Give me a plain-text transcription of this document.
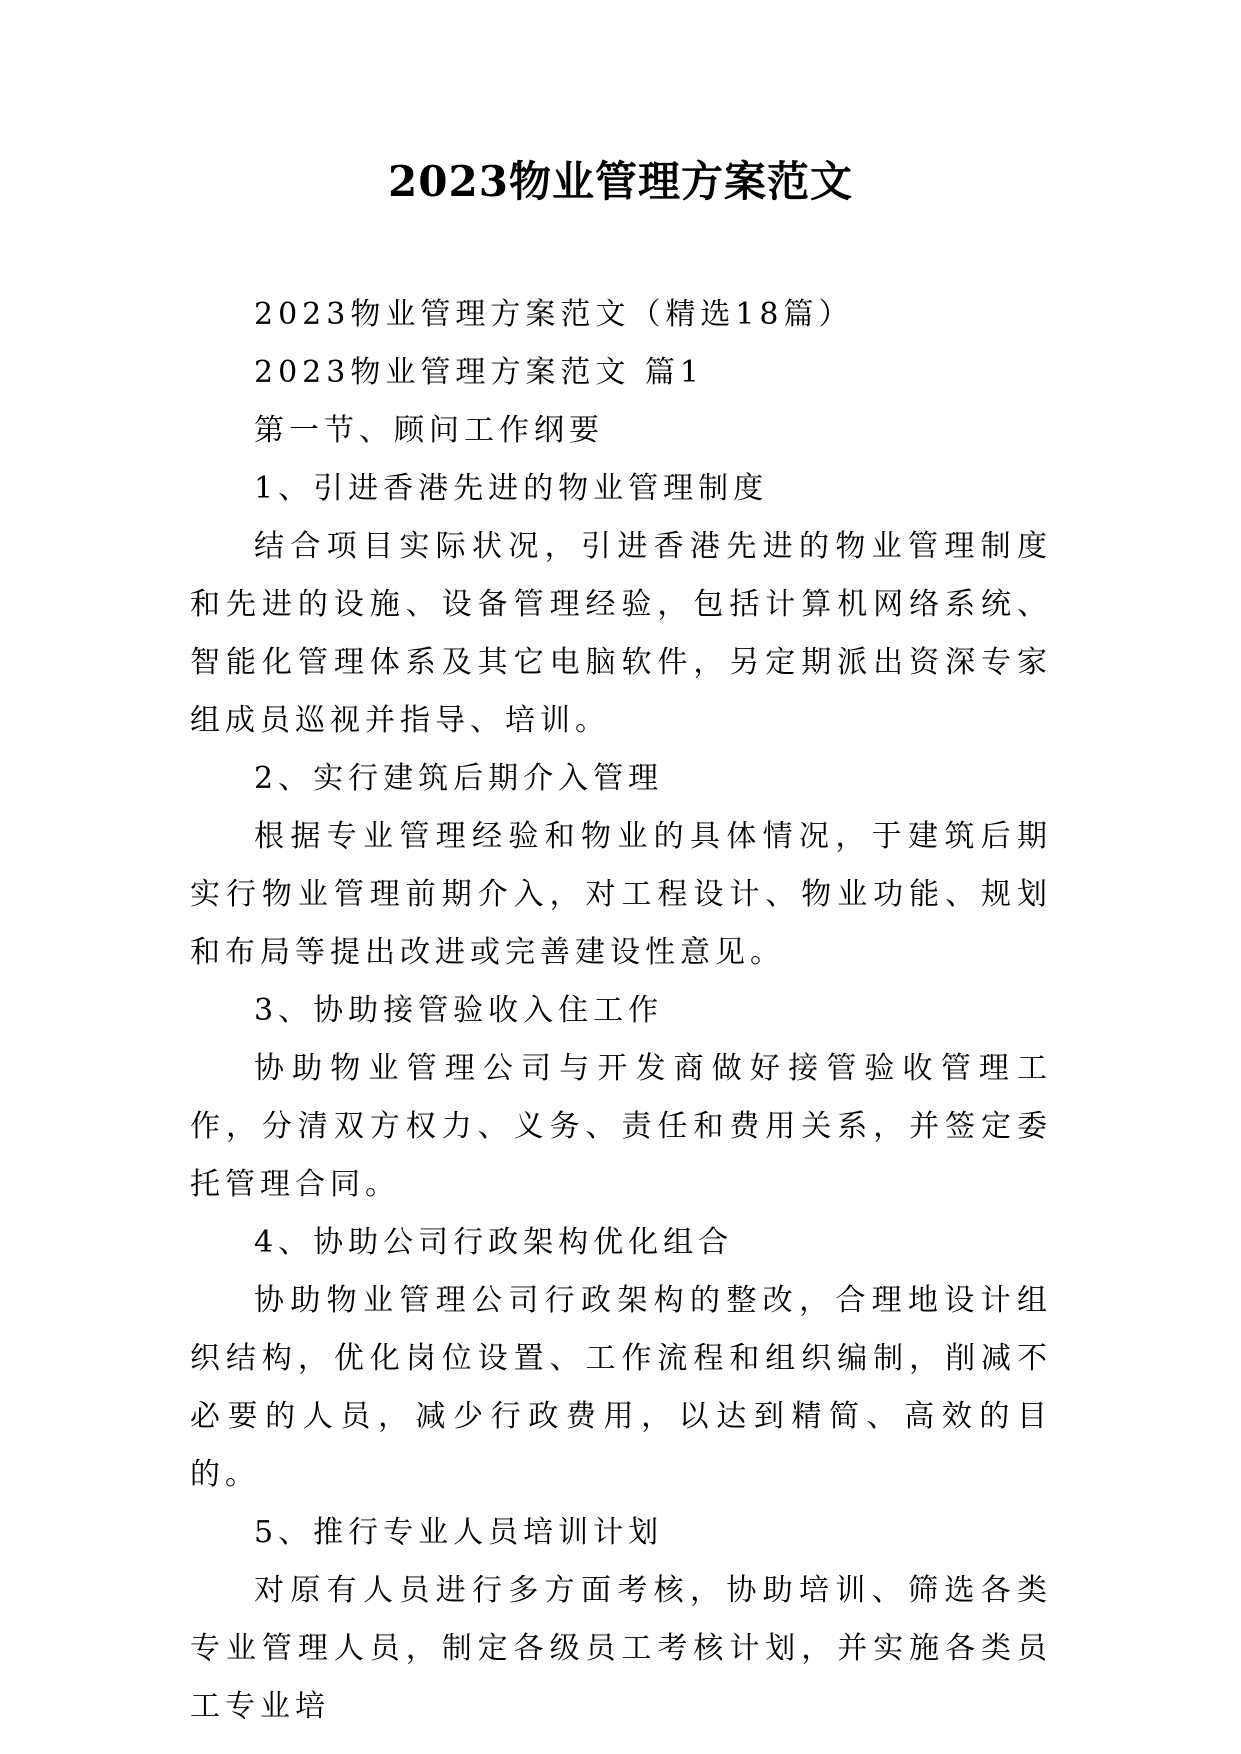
2023物业管理方案范文

2023物业管理方案范文（精选18篇）

2023物业管理方案范文 篇1

第一节、顾问工作纲要

1、引进香港先进的物业管理制度

结合项目实际状况，引进香港先进的物业管理制度和先进的设施、设备管理经验，包括计算机网络系统、智能化管理体系及其它电脑软件，另定期派出资深专家组成员巡视并指导、培训。

2、实行建筑后期介入管理

根据专业管理经验和物业的具体情况，于建筑后期实行物业管理前期介入，对工程设计、物业功能、规划和布局等提出改进或完善建设性意见。

3、协助接管验收入住工作

协助物业管理公司与开发商做好接管验收管理工作，分清双方权力、义务、责任和费用关系，并签定委托管理合同。

4、协助公司行政架构优化组合

协助物业管理公司行政架构的整改，合理地设计组织结构，优化岗位设置、工作流程和组织编制，削减不必要的人员，减少行政费用，以达到精简、高效的目的。

5、推行专业人员培训计划

对原有人员进行多方面考核，协助培训、筛选各类专业管理人员，制定各级员工考核计划，并实施各类员工专业培
